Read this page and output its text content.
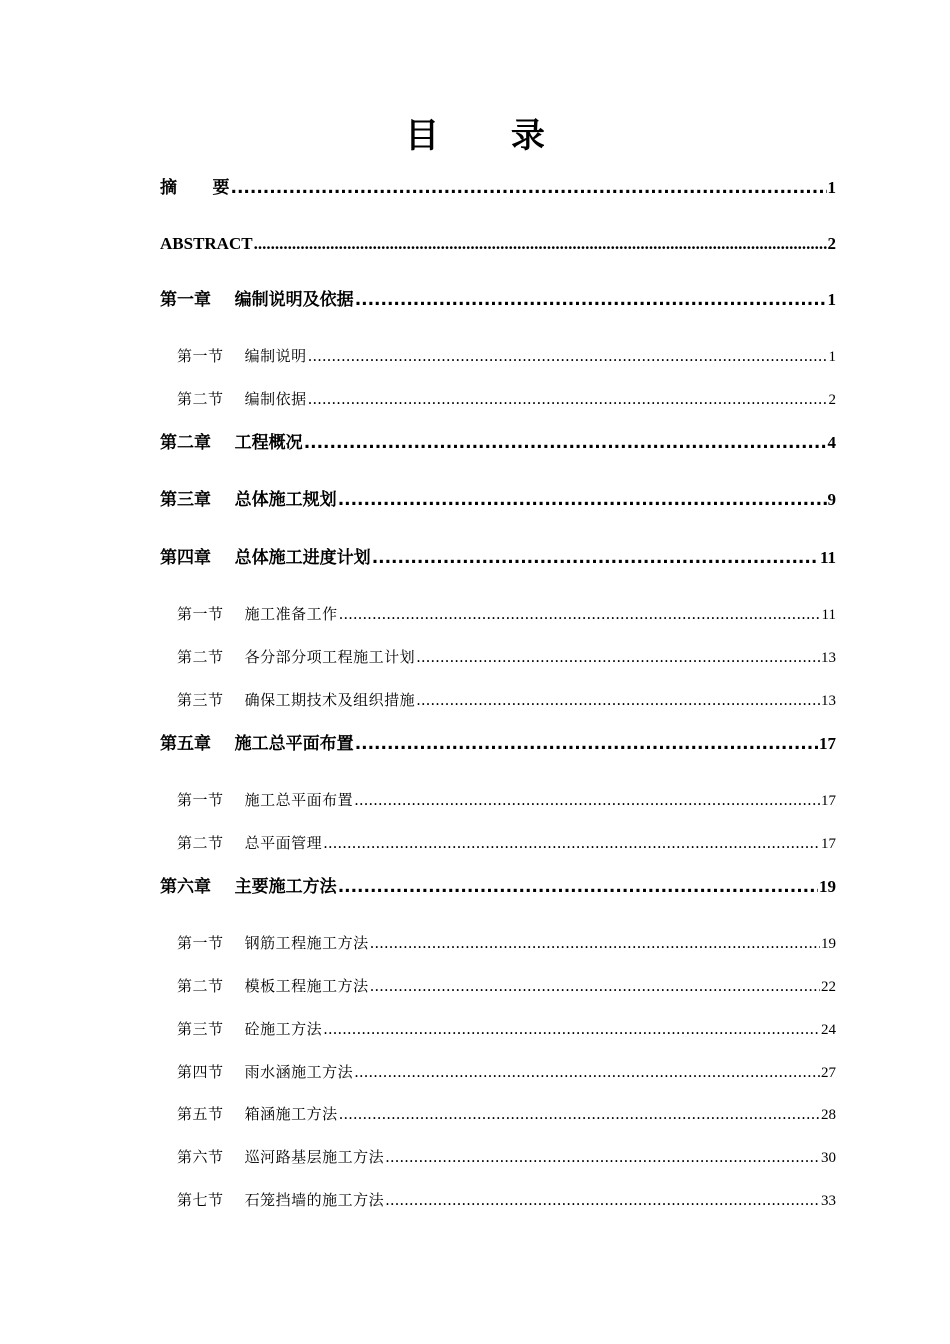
目 录
摘      要 .....	1
ABSTRACT .....	2
第一章    编制说明及依据 .....	1
第一节    编制说明 .....	1
第二节    编制依据 .....	2
第二章    工程概况 .....	4
第三章    总体施工规划 .....	9
第四章    总体施工进度计划 .....	11
第一节    施工准备工作 .....	11
第二节    各分部分项工程施工计划 .....	13
第三节    确保工期技术及组织措施 .....	13
第五章    施工总平面布置 .....	17
第一节    施工总平面布置 .....	17
第二节    总平面管理 .....	17
第六章    主要施工方法 .....	19
第一节    钢筋工程施工方法 .....	19
第二节    模板工程施工方法 .....	22
第三节    砼施工方法 .....	24
第四节    雨水涵施工方法 .....	27
第五节    箱涵施工方法 .....	28
第六节    巡河路基层施工方法 .....	30
第七节    石笼挡墙的施工方法 .....	33
